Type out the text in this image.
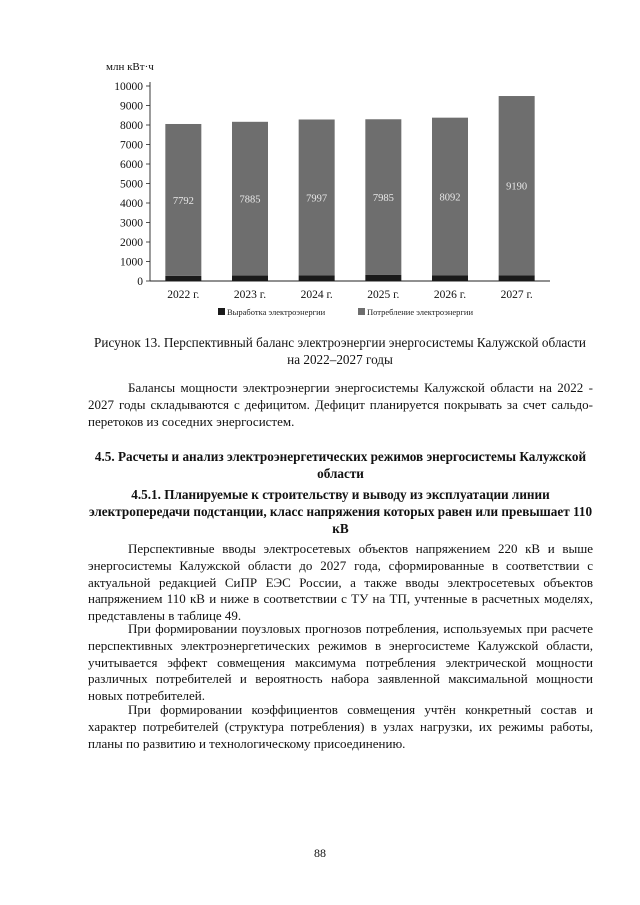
млн кВт·ч
0
1000
2000
3000
4000
5000
6000
7000
8000
9000
10000
7792
2022 г.
7885
2023 г.
7997
2024 г.
7985
2025 г.
8092
2026 г.
9190
2027 г.
Выработка электроэнергии	Потребление электроэнергии
Рисунок 13. Перспективный баланс электроэнергии энергосистемы Калужской области на 2022–2027 годы

Балансы мощности электроэнергии энергосистемы Калужской области на 2022 - 2027 годы складываются с дефицитом. Дефицит планируется покрывать за счет сальдо-перетоков из соседних энергосистем.

4.5. Расчеты и анализ электроэнергетических режимов энергосистемы Калужской области

4.5.1. Планируемые к строительству и выводу из эксплуатации линии электропередачи подстанции, класс напряжения которых равен или превышает 110 кВ

Перспективные вводы электросетевых объектов напряжением 220 кВ и выше энергосистемы Калужской области до 2027 года, сформированные в соответствии с актуальной редакцией СиПР ЕЭС России, а также вводы электросетевых объектов напряжением 110 кВ и ниже в соответствии с ТУ на ТП, учтенные в расчетных моделях, представлены в таблице 49.

При формировании поузловых прогнозов потребления, используемых при расчете перспективных электроэнергетических режимов в энергосистеме Калужской области, учитывается эффект совмещения максимума потребления электрической мощности различных потребителей и вероятность набора заявленной максимальной мощности новых потребителей.

При формировании коэффициентов совмещения учтён конкретный состав и характер потребителей (структура потребления) в узлах нагрузки, их режимы работы, планы по развитию и технологическому присоединению.

88
